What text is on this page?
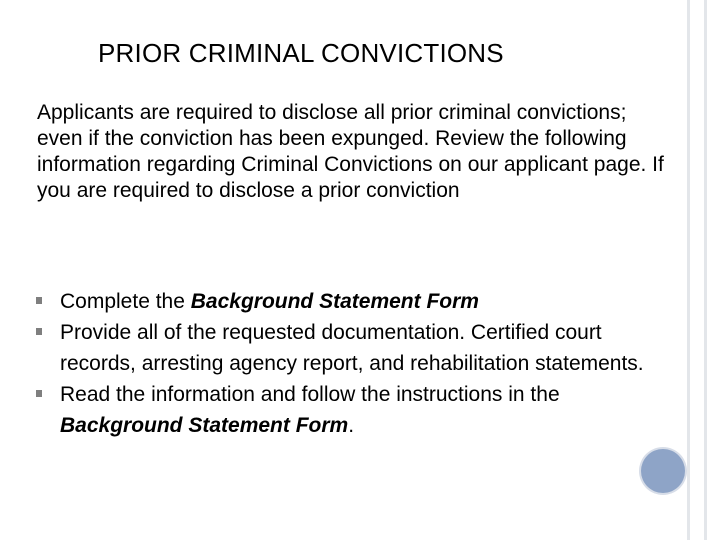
PRIOR CRIMINAL CONVICTIONS
Applicants are required to disclose all prior criminal convictions; even if the conviction has been expunged. Review the following information regarding Criminal Convictions on our applicant page. If you are required to disclose a prior conviction
Complete the Background Statement Form
Provide all of the requested documentation. Certified court records, arresting agency report, and rehabilitation statements.
Read the information and follow the instructions in the Background Statement Form.
